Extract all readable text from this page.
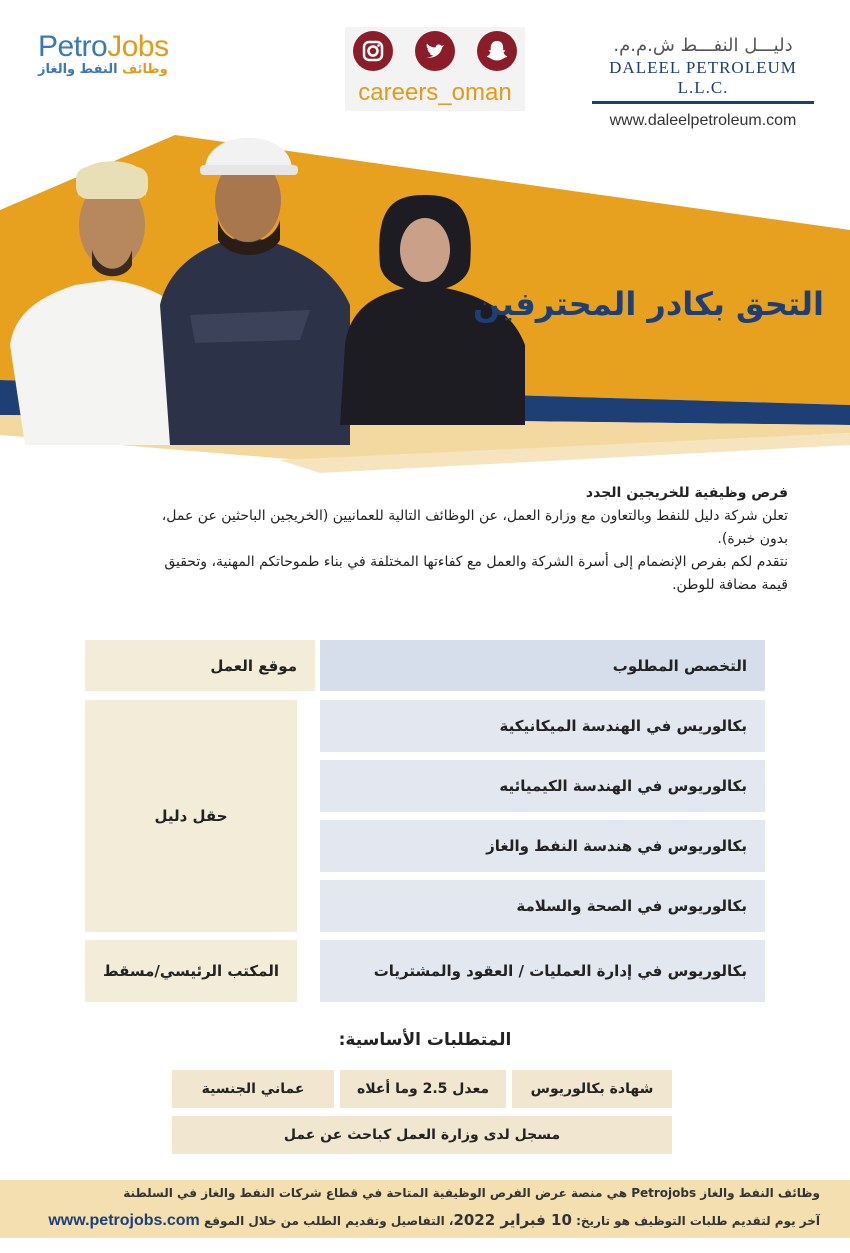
PetroJobs
وظائف النفط والغاز
careers_oman
دليـــل النفـــط ش.م.م.
DALEEL PETROLEUM L.L.C.
www.daleelpetroleum.com
التحق بكادر المحترفين
فرص وظيفية للخريجين الجدد
تعلن شركة دليل للنفط وبالتعاون مع وزارة العمل، عن الوظائف التالية للعمانيين (الخريجين الباحثين عن عمل،
بدون خبرة).
نتقدم لكم بفرص الإنضمام إلى أسرة الشركة والعمل مع كفاءتها المختلفة في بناء طموحاتكم المهنية، وتحقيق
قيمة مضافة للوطن.
التخصص المطلوب
موقع العمل
بكالوريس في الهندسة الميكانيكية
بكالوريوس في الهندسة الكيميائيه
بكالوريوس في هندسة النفط والغاز
بكالوريوس في الصحة والسلامة
بكالوريوس في إدارة العمليات / العقود والمشتريات
حقل دليل
المكتب الرئيسي/مسقط
المتطلبات الأساسية:
شهادة بكالوريوس
معدل 2.5 وما أعلاه
عماني الجنسية
مسجل لدى وزارة العمل كباحث عن عمل
وظائف النفط والغاز Petrojobs هي منصة عرض الفرص الوظيفية المتاحة في قطاع شركات النفط والغاز في السلطنة
آخر يوم لتقديم طلبات التوظيف هو تاريخ: 10 فبراير 2022، التفاصيل وتقديم الطلب من خلال الموقع www.petrojobs.com
